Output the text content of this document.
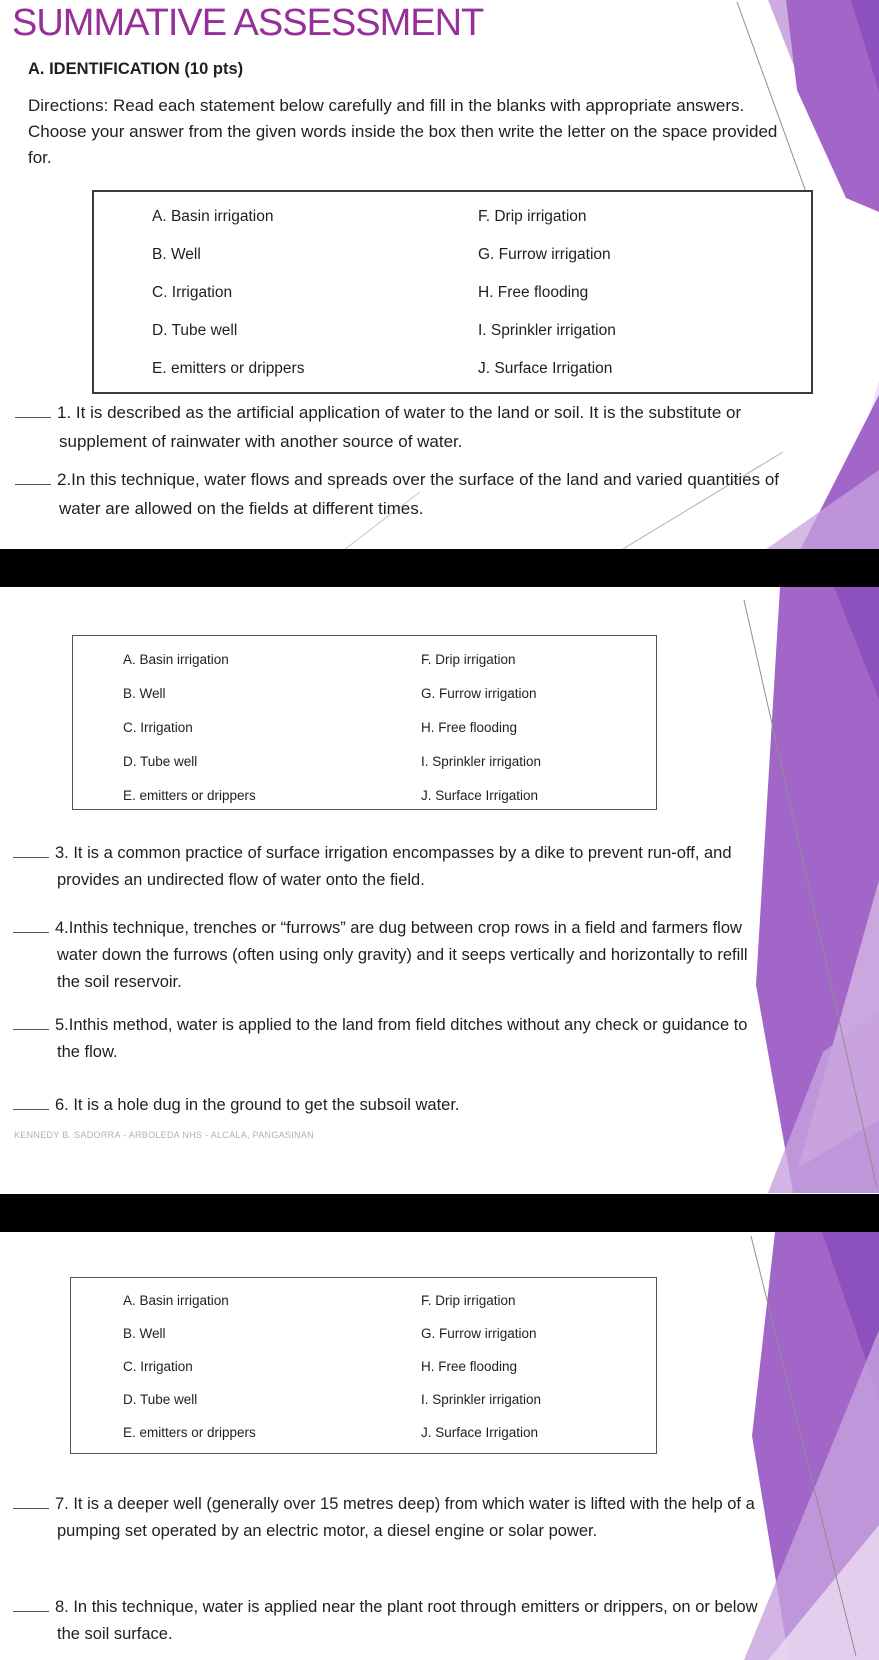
SUMMATIVE ASSESSMENT
A. IDENTIFICATION (10 pts)
Directions: Read each statement below carefully and fill in the blanks with appropriate answers. Choose your answer from the given words inside the box then write the letter on the space provided for.
A. Basin irrigation
B. Well
C. Irrigation
D. Tube well
E. emitters or drippers
F. Drip irrigation
G. Furrow irrigation
H. Free flooding
I. Sprinkler irrigation
J. Surface Irrigation
1. It is described as the artificial application of water to the land or soil. It is the substitute or supplement of rainwater with another source of water.
2.In this technique, water flows and spreads over the surface of the land and varied quantities of water are allowed on the fields at different times.
A. Basin irrigation
B. Well
C. Irrigation
D. Tube well
E. emitters or drippers
F. Drip irrigation
G. Furrow irrigation
H. Free flooding
I. Sprinkler irrigation
J. Surface Irrigation
3. It is a common practice of surface irrigation encompasses by a dike to prevent run-off, and provides an undirected flow of water onto the field.
4.Inthis technique, trenches or “furrows” are dug between crop rows in a field and farmers flow water down the furrows (often using only gravity) and it seeps vertically and horizontally to refill the soil reservoir.
5.Inthis method, water is applied to the land from field ditches without any check or guidance to the flow.
6. It is a hole dug in the ground to get the subsoil water.
KENNEDY B. SADORRA - ARBOLEDA NHS - ALCALA, PANGASINAN
A. Basin irrigation
B. Well
C. Irrigation
D. Tube well
E. emitters or drippers
F. Drip irrigation
G. Furrow irrigation
H. Free flooding
I. Sprinkler irrigation
J. Surface Irrigation
7. It is a deeper well (generally over 15 metres deep) from which water is lifted with the help of a pumping set operated by an electric motor, a diesel engine or solar power.
8. In this technique, water is applied near the plant root through emitters or drippers, on or below the soil surface.
